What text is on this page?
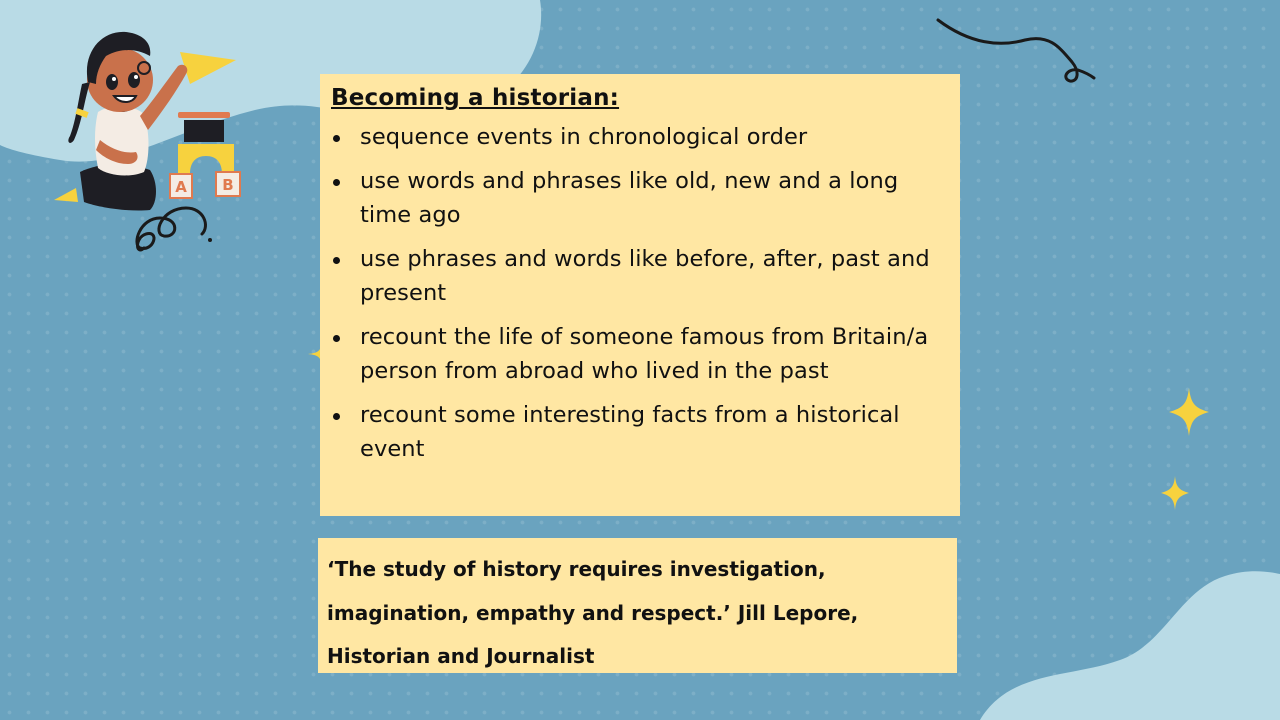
A B
Becoming a historian:
sequence events in chronological order
use words and phrases like old, new and a long time ago
use phrases and words like before, after, past and present
recount the life of someone famous from Britain/a person from abroad who lived in the past
recount some interesting facts from a historical event
‘The study of history requires investigation, imagination, empathy and respect.’ Jill Lepore, Historian and Journalist
